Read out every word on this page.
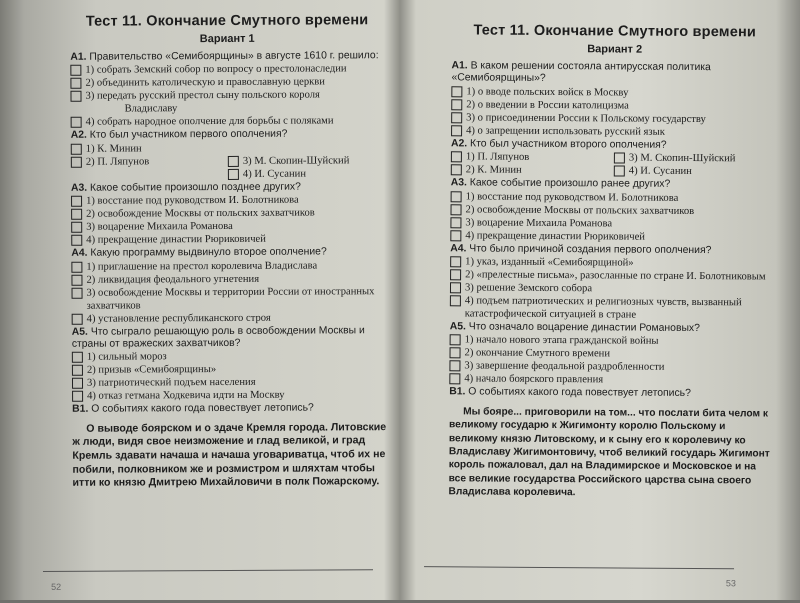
Тест 11. Окончание Смутного времени
Вариант 1
А1. Правительство «Семибоярщины» в августе 1610 г. решило:
1) собрать Земский собор по вопросу о престолонаследии
2) объединить католическую и православную церкви
3) передать русский престол сыну польского короля
Владиславу
4) собрать народное ополчение для борьбы с поляками
А2. Кто был участником первого ополчения?
1) К. Минин
2) П. Ляпунов	3) М. Скопин-Шуйский
4) И. Сусанин
А3. Какое событие произошло позднее других?
1) восстание под руководством И. Болотникова
2) освобождение Москвы от польских захватчиков
3) воцарение Михаила Романова
4) прекращение династии Рюриковичей
А4. Какую программу выдвинуло второе ополчение?
1) приглашение на престол королевича Владислава
2) ликвидация феодального угнетения
3) освобождение Москвы и территории России от иностранных захватчиков
4) установление республиканского строя
А5. Что сыграло решающую роль в освобождении Москвы и страны от вражеских захватчиков?
1) сильный мороз
2) призыв «Семибоярщины»
3) патриотический подъем населения
4) отказ гетмана Ходкевича идти на Москву
В1. О событиях какого года повествует летопись?
О выводе боярском и о здаче Кремля города. Литовские ж люди, видя свое неизможение и глад великой, и град Кремль здавати начаша и начаша уговариватца, чтоб их не побили, полковником же и розмистром и шляхтам чтобы итти ко князю Дмитрею Михайловичи в полк Пожарскому.
52
Тест 11. Окончание Смутного времени
Вариант 2
А1. В каком решении состояла антирусская политика «Семибоярщины»?
1) о вводе польских войск в Москву
2) о введении в России католицизма
3) о присоединении России к Польскому государству
4) о запрещении использовать русский язык
А2. Кто был участником второго ополчения?
1) П. Ляпунов	3) М. Скопин-Шуйский
2) К. Минин	4) И. Сусанин
А3. Какое событие произошло ранее других?
1) восстание под руководством И. Болотникова
2) освобождение Москвы от польских захватчиков
3) воцарение Михаила Романова
4) прекращение династии Рюриковичей
А4. Что было причиной создания первого ополчения?
1) указ, изданный «Семибоярщиной»
2) «прелестные письма», разосланные по стране И. Болотниковым
3) решение Земского собора
4) подъем патриотических и религиозных чувств, вызванный катастрофической ситуацией в стране
А5. Что означало воцарение династии Романовых?
1) начало нового этапа гражданской войны
2) окончание Смутного времени
3) завершение феодальной раздробленности
4) начало боярского правления
В1. О событиях какого года повествует летопись?
Мы бояре... приговорили на том... что послати бита челом к великому государю к Жигимонту королю Польскому и великому князю Литовскому, и к сыну его к королевичу ко Владиславу Жигимонтовичу, чтоб великий государь Жигимонт король пожаловал, дал на Владимирское и Московское и на все великие государства Российского царства сына своего Владислава королевича.
53
